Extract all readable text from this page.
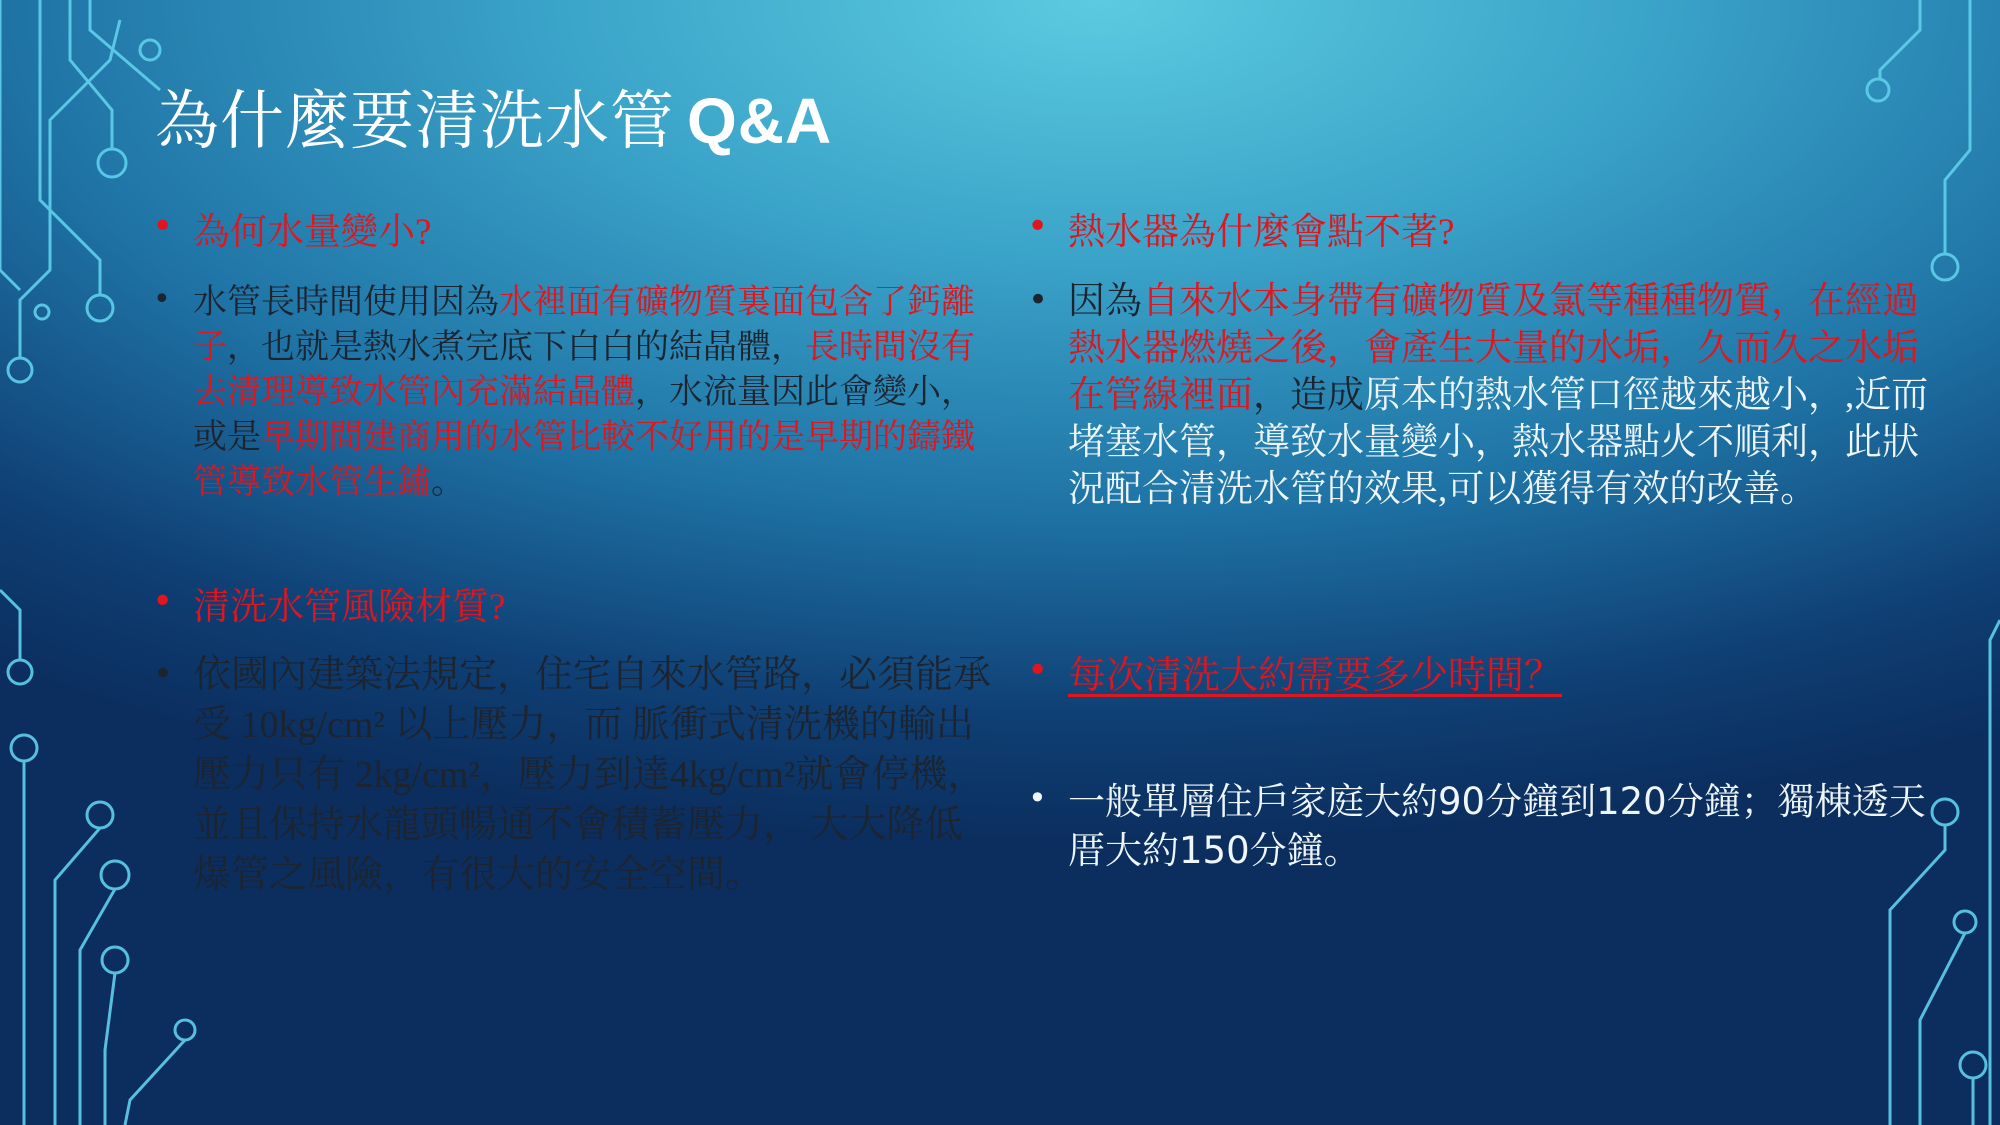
為什麼要清洗水管 Q&A
• 為何水量變小?

• 水管長時間使用因為水裡面有礦物質裏面包含了鈣離子，也就是熱水煮完底下白白的結晶體，長時間沒有去清理導致水管內充滿結晶體，水流量因此會變小，或是早期間建商用的水管比較不好用的是早期的鑄鐵管導致水管生鏽。

• 清洗水管風險材質?

• 依國內建築法規定，住宅自來水管路，必須能承受 10kg/cm² 以上壓力，而 脈衝式清洗機的輸出壓力只有 2kg/cm²，壓力到達4kg/cm²就會停機，並且保持水龍頭暢通不會積蓄壓力， 大大降低爆管之風險，有很大的安全空間。

• 熱水器為什麼會點不著?

• 因為自來水本身帶有礦物質及氯等種種物質，在經過熱水器燃燒之後，會產生大量的水垢，久而久之水垢在管線裡面，造成原本的熱水管口徑越來越小，,近而堵塞水管，導致水量變小，熱水器點火不順利，此狀況配合清洗水管的效果,可以獲得有效的改善。

• 每次清洗大約需要多少時間？

• 一般單層住戶家庭大約90分鐘到120分鐘；獨棟透天厝大約150分鐘。
